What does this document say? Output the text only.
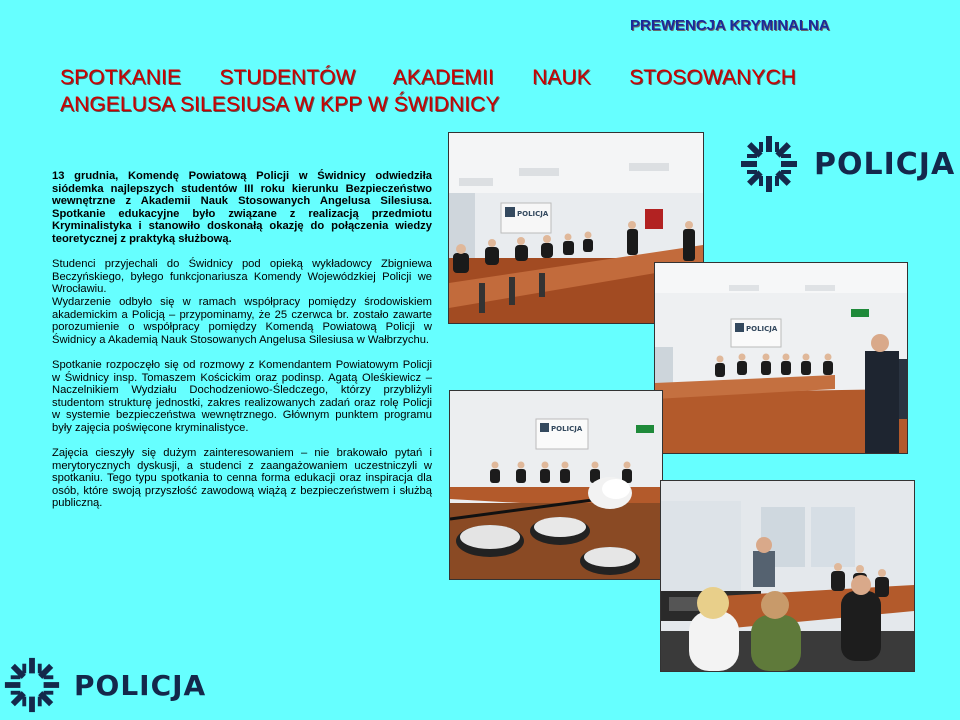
PREWENCJA KRYMINALNA
SPOTKANIE STUDENTÓW AKADEMII NAUK STOSOWANYCH
ANGELUSA SILESIUSA W KPP W ŚWIDNICY

13 grudnia, Komendę Powiatową Policji w Świdnicy odwiedziła siódemka najlepszych studentów III roku kierunku Bezpieczeństwo wewnętrzne z Akademii Nauk Stosowanych Angelusa Silesiusa. Spotkanie edukacyjne było związane z realizacją przedmiotu Kryminalistyka i stanowiło doskonałą okazję do połączenia wiedzy teoretycznej z praktyką służbową.

Studenci przyjechali do Świdnicy pod opieką wykładowcy Zbigniewa Beczyńskiego, byłego funkcjonariusza Komendy Wojewódzkiej Policji we Wrocławiu.

Wydarzenie odbyło się w ramach współpracy pomiędzy środowiskiem akademickim a Policją – przypominamy, że 25 czerwca br. zostało zawarte porozumienie o współpracy pomiędzy Komendą Powiatową Policji w Świdnicy a Akademią Nauk Stosowanych Angelusa Silesiusa w Wałbrzychu.

Spotkanie rozpoczęło się od rozmowy z Komendantem Powiatowym Policji w Świdnicy insp. Tomaszem Kościckim oraz podinsp. Agatą Oleśkiewicz – Naczelnikiem Wydziału Dochodzeniowo-Śledczego, którzy przybliżyli studentom strukturę jednostki, zakres realizowanych zadań oraz rolę Policji w systemie bezpieczeństwa wewnętrznego. Głównym punktem programu były zajęcia poświęcone kryminalistyce.

Zajęcia cieszyły się dużym zainteresowaniem – nie brakowało pytań i merytorycznych dyskusji, a studenci z zaangażowaniem uczestniczyli w spotkaniu. Tego typu spotkania to cenna forma edukacji oraz inspiracja dla osób, które swoją przyszłość zawodową wiążą z bezpieczeństwem i służbą publiczną.

POLICJA
POLICJA
POLICJA
POLICJA
POLICJA
